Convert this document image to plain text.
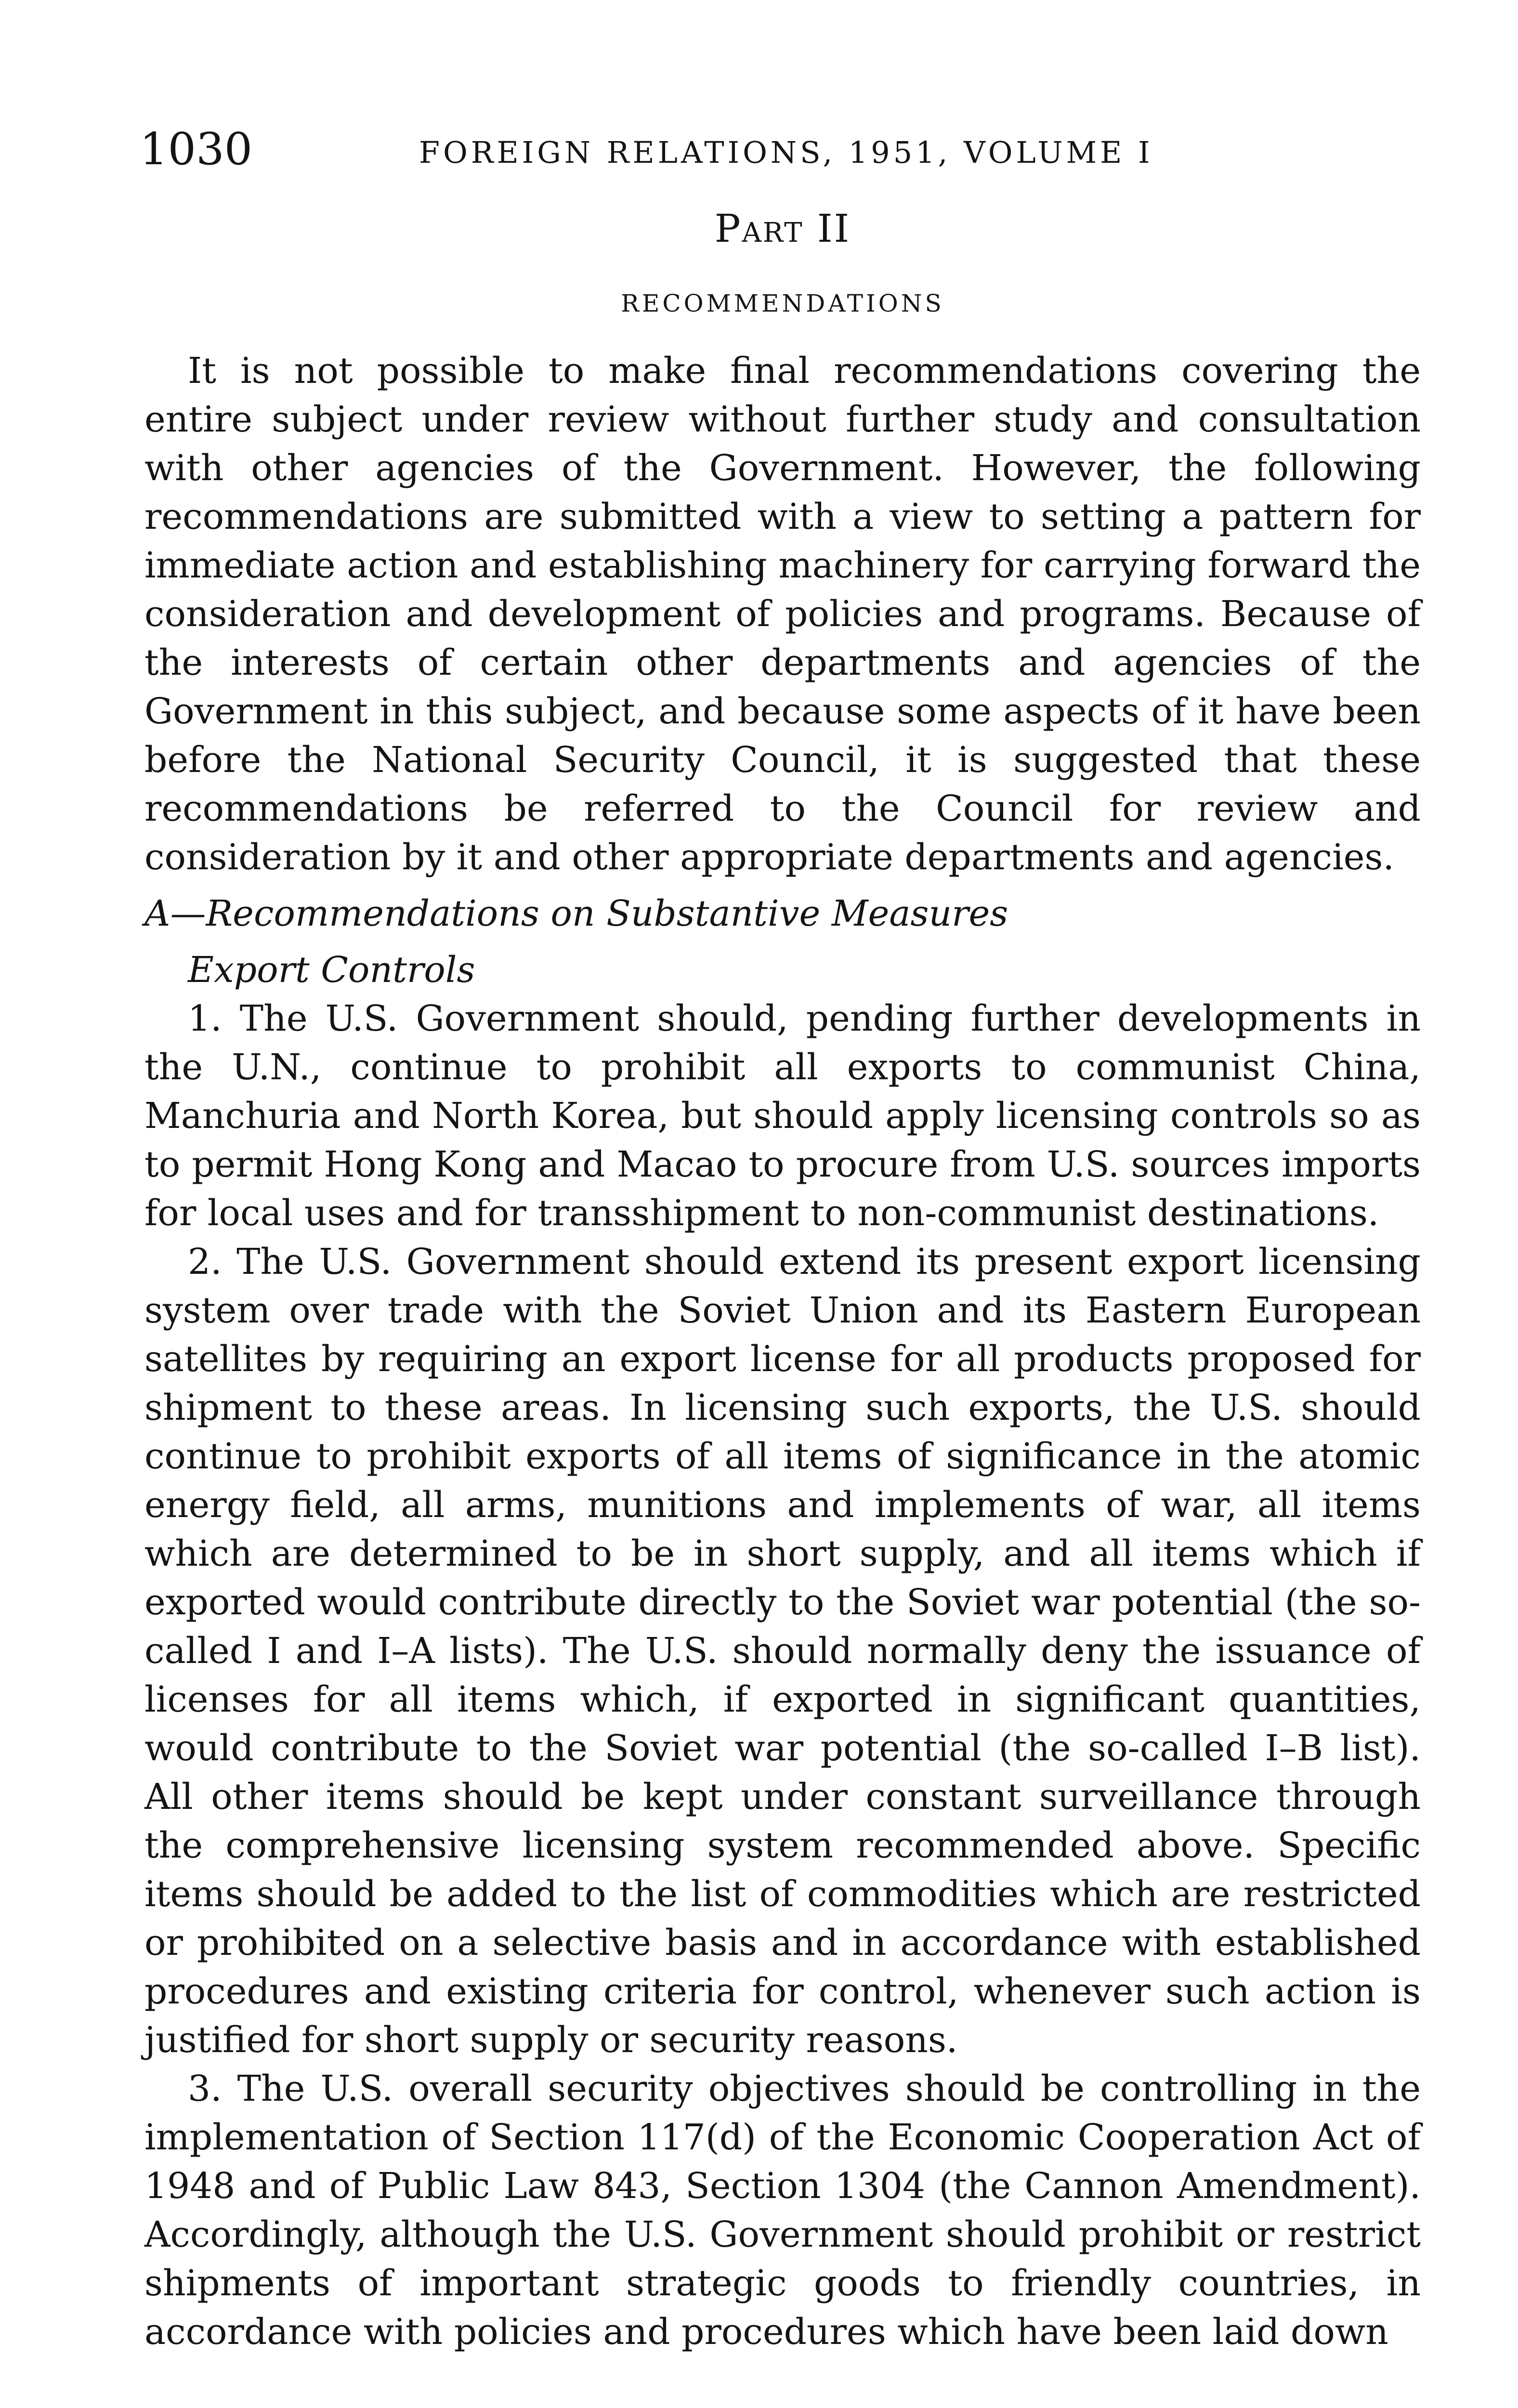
1030	FOREIGN RELATIONS, 1951, VOLUME I
Part II
RECOMMENDATIONS

It is not possible to make final recommendations covering the entire subject under review without further study and consultation with other agencies of the Government. However, the following recommendations are submitted with a view to setting a pattern for immediate action and establishing machinery for carrying forward the consideration and development of policies and programs. Because of the interests of certain other departments and agencies of the Government in this subject, and because some aspects of it have been before the National Security Council, it is suggested that these recommendations be referred to the Council for review and consideration by it and other appropriate departments and agencies.

A—Recommendations on Substantive Measures

Export Controls

1. The U.S. Government should, pending further developments in the U.N., continue to prohibit all exports to communist China, Manchuria and North Korea, but should apply licensing controls so as to permit Hong Kong and Macao to procure from U.S. sources imports for local uses and for transshipment to non-communist destinations.

2. The U.S. Government should extend its present export licensing system over trade with the Soviet Union and its Eastern European satellites by requiring an export license for all products proposed for shipment to these areas. In licensing such exports, the U.S. should continue to prohibit exports of all items of significance in the atomic energy field, all arms, munitions and implements of war, all items which are determined to be in short supply, and all items which if exported would contribute directly to the Soviet war potential (the so-called I and I–A lists). The U.S. should normally deny the issuance of licenses for all items which, if exported in significant quantities, would contribute to the Soviet war potential (the so-called I–B list). All other items should be kept under constant surveillance through the comprehensive licensing system recommended above. Specific items should be added to the list of commodities which are restricted or prohibited on a selective basis and in accordance with established procedures and existing criteria for control, whenever such action is justified for short supply or security reasons.

3. The U.S. overall security objectives should be controlling in the implementation of Section 117(d) of the Economic Cooperation Act of 1948 and of Public Law 843, Section 1304 (the Cannon Amendment). Accordingly, although the U.S. Government should prohibit or restrict shipments of important strategic goods to friendly countries, in accordance with policies and procedures which have been laid down
